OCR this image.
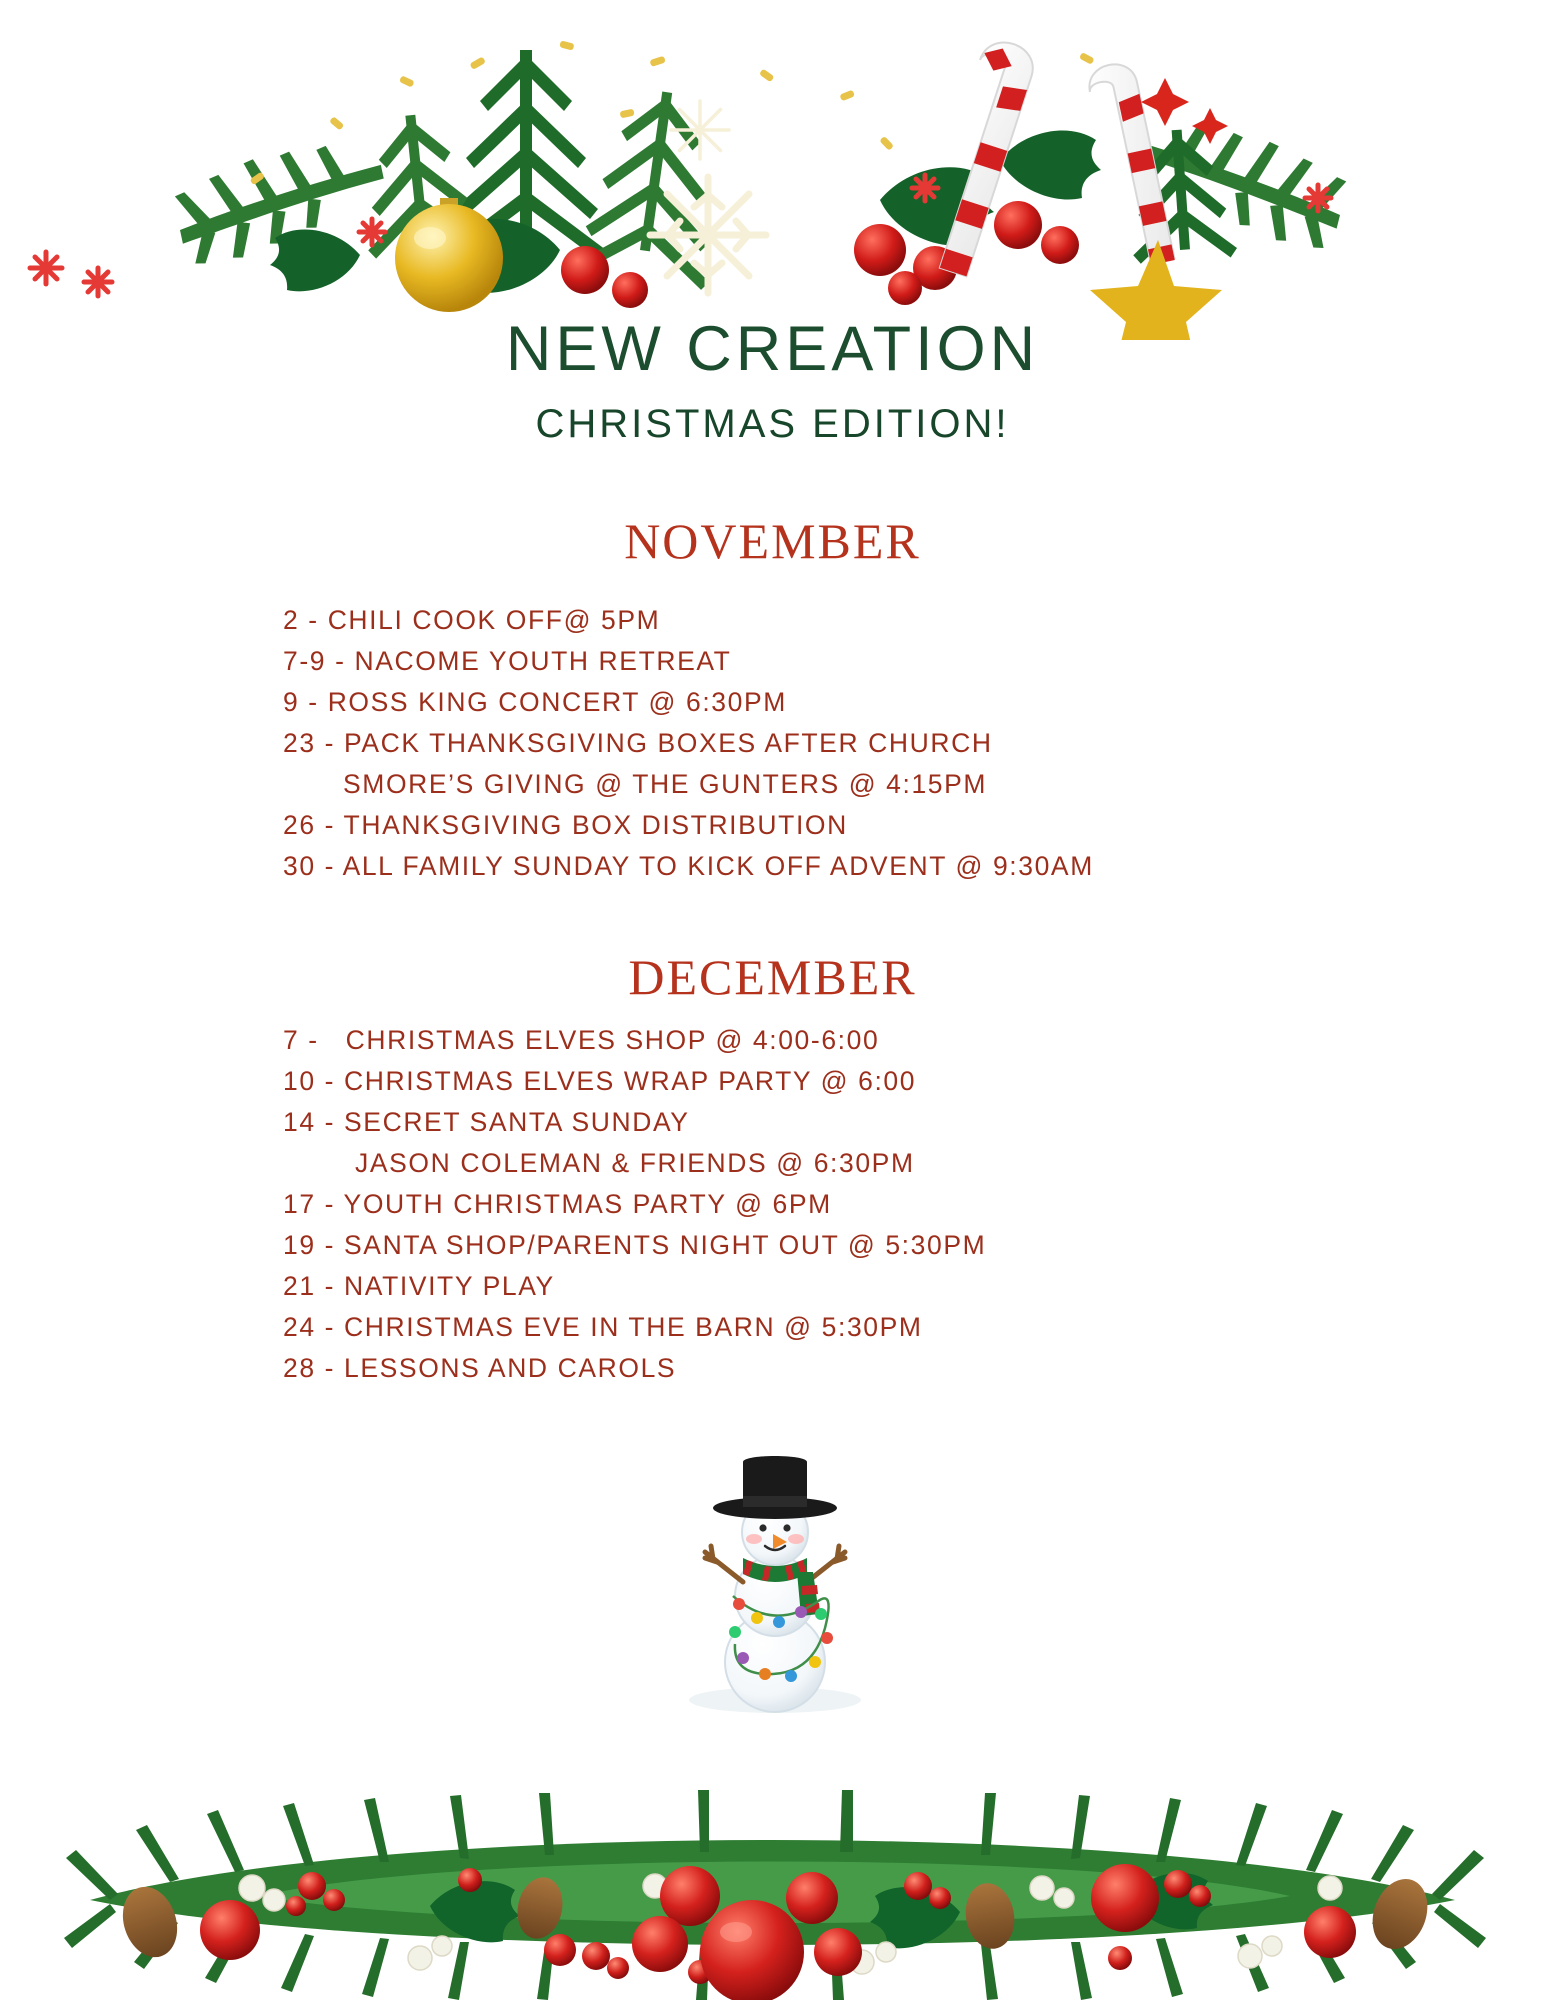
NEW CREATION
CHRISTMAS EDITION!
NOVEMBER
2 - CHILI COOK OFF@ 5PM
7-9 - NACOME YOUTH RETREAT
9 - ROSS KING CONCERT @ 6:30PM
23 - PACK THANKSGIVING BOXES AFTER CHURCH
SMORE’S GIVING @ THE GUNTERS @ 4:15PM
26 - THANKSGIVING BOX DISTRIBUTION
30 - ALL FAMILY SUNDAY TO KICK OFF ADVENT @ 9:30AM
DECEMBER
7 -   CHRISTMAS ELVES SHOP @ 4:00-6:00
10 - CHRISTMAS ELVES WRAP PARTY @ 6:00
14 - SECRET SANTA SUNDAY
JASON COLEMAN & FRIENDS @ 6:30PM
17 - YOUTH CHRISTMAS PARTY @ 6PM
19 - SANTA SHOP/PARENTS NIGHT OUT @ 5:30PM
21 - NATIVITY PLAY
24 - CHRISTMAS EVE IN THE BARN @ 5:30PM
28 - LESSONS AND CAROLS
